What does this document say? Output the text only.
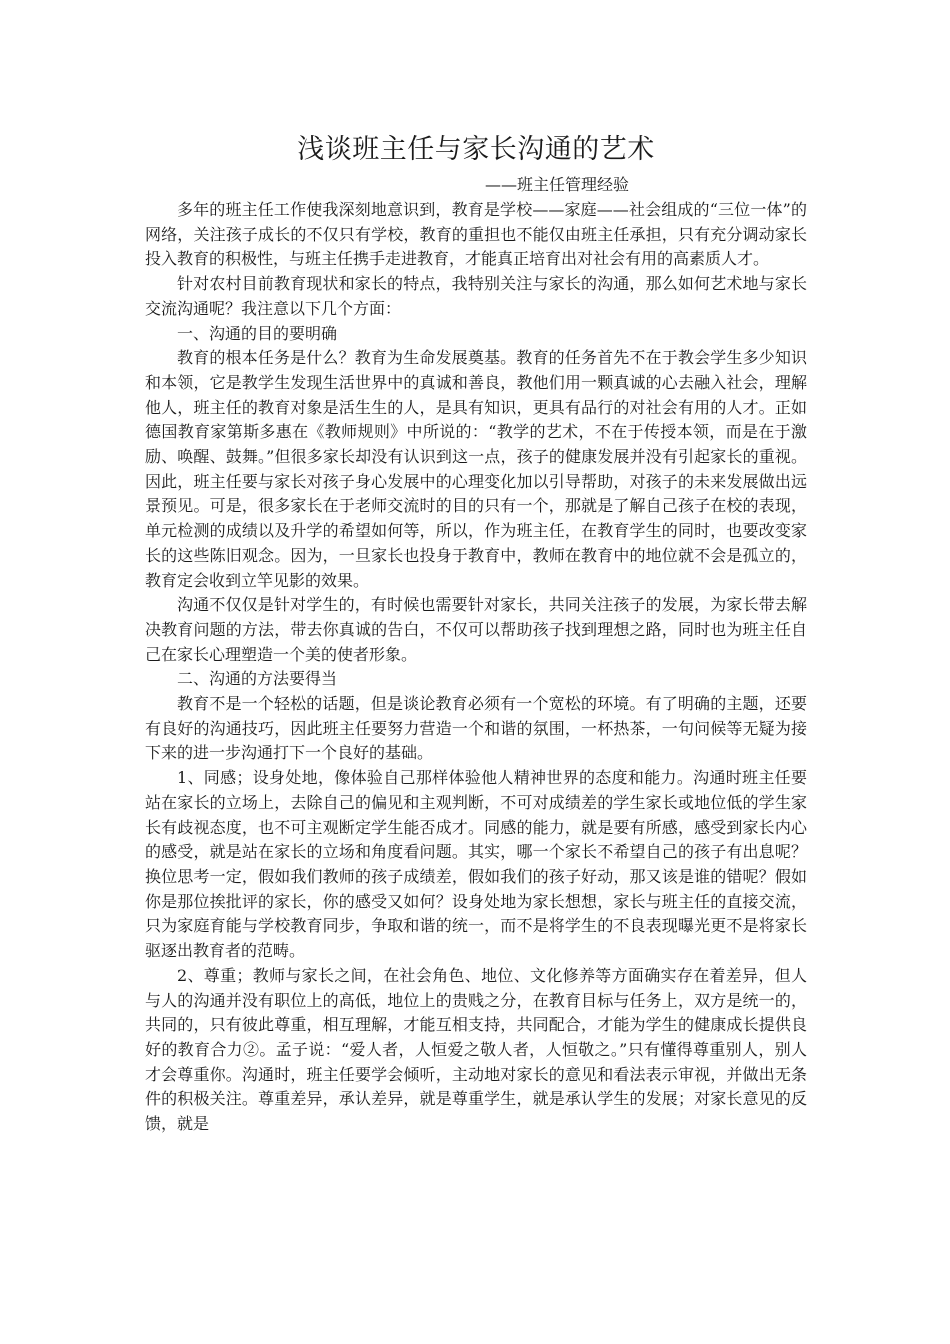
浅谈班主任与家长沟通的艺术
——班主任管理经验

多年的班主任工作使我深刻地意识到，教育是学校——家庭——社会组成的“三位一体”的网络，关注孩子成长的不仅只有学校，教育的重担也不能仅由班主任承担，只有充分调动家长投入教育的积极性，与班主任携手走进教育，才能真正培育出对社会有用的高素质人才。

针对农村目前教育现状和家长的特点，我特别关注与家长的沟通，那么如何艺术地与家长交流沟通呢？我注意以下几个方面：

一、沟通的目的要明确

教育的根本任务是什么？教育为生命发展奠基。教育的任务首先不在于教会学生多少知识和本领，它是教学生发现生活世界中的真诚和善良，教他们用一颗真诚的心去融入社会，理解他人，班主任的教育对象是活生生的人，是具有知识，更具有品行的对社会有用的人才。正如德国教育家第斯多惠在《教师规则》中所说的：“教学的艺术，不在于传授本领，而是在于激励、唤醒、鼓舞。”但很多家长却没有认识到这一点，孩子的健康发展并没有引起家长的重视。因此，班主任要与家长对孩子身心发展中的心理变化加以引导帮助，对孩子的未来发展做出远景预见。可是，很多家长在于老师交流时的目的只有一个，那就是了解自己孩子在校的表现，单元检测的成绩以及升学的希望如何等，所以，作为班主任，在教育学生的同时，也要改变家长的这些陈旧观念。因为，一旦家长也投身于教育中，教师在教育中的地位就不会是孤立的，教育定会收到立竿见影的效果。

沟通不仅仅是针对学生的，有时候也需要针对家长，共同关注孩子的发展，为家长带去解决教育问题的方法，带去你真诚的告白，不仅可以帮助孩子找到理想之路，同时也为班主任自己在家长心理塑造一个美的使者形象。

二、沟通的方法要得当

教育不是一个轻松的话题，但是谈论教育必须有一个宽松的环境。有了明确的主题，还要有良好的沟通技巧，因此班主任要努力营造一个和谐的氛围，一杯热茶，一句问候等无疑为接下来的进一步沟通打下一个良好的基础。

1、同感；设身处地，像体验自己那样体验他人精神世界的态度和能力。沟通时班主任要站在家长的立场上，去除自己的偏见和主观判断，不可对成绩差的学生家长或地位低的学生家长有歧视态度，也不可主观断定学生能否成才。同感的能力，就是要有所感，感受到家长内心的感受，就是站在家长的立场和角度看问题。其实，哪一个家长不希望自己的孩子有出息呢？换位思考一定，假如我们教师的孩子成绩差，假如我们的孩子好动，那又该是谁的错呢？假如你是那位挨批评的家长，你的感受又如何？设身处地为家长想想，家长与班主任的直接交流，只为家庭育能与学校教育同步，争取和谐的统一，而不是将学生的不良表现曝光更不是将家长驱逐出教育者的范畴。

2、尊重；教师与家长之间，在社会角色、地位、文化修养等方面确实存在着差异，但人与人的沟通并没有职位上的高低，地位上的贵贱之分，在教育目标与任务上，双方是统一的，共同的，只有彼此尊重，相互理解，才能互相支持，共同配合，才能为学生的健康成长提供良好的教育合力②。孟子说：“爱人者，人恒爱之敬人者，人恒敬之。”只有懂得尊重别人，别人才会尊重你。沟通时，班主任要学会倾听，主动地对家长的意见和看法表示审视，并做出无条件的积极关注。尊重差异，承认差异，就是尊重学生，就是承认学生的发展；对家长意见的反馈，就是
